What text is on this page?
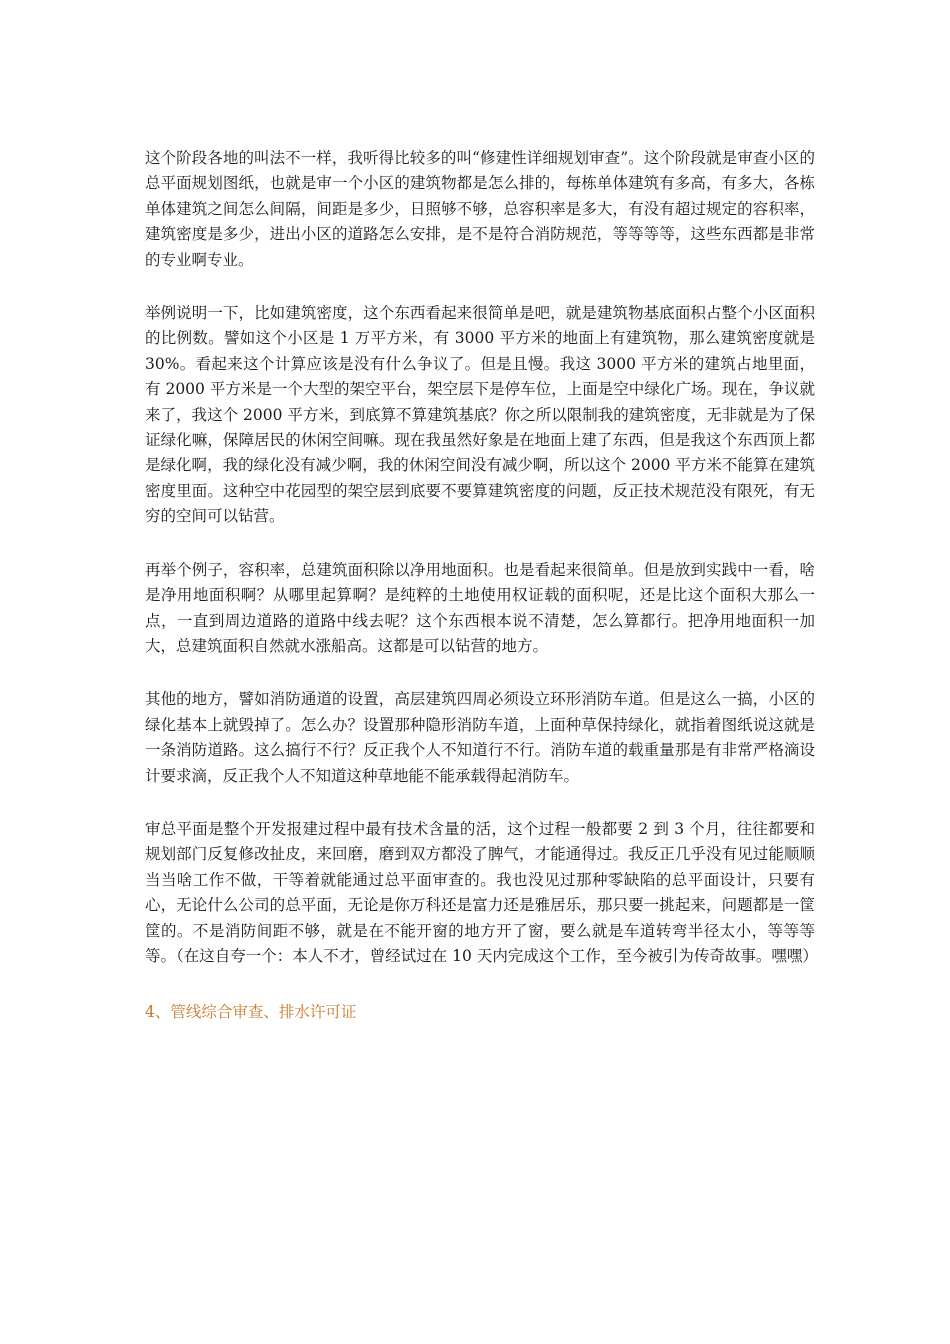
这个阶段各地的叫法不一样，我听得比较多的叫“修建性详细规划审查”。这个阶段就是审查小区的总平面规划图纸，也就是审一个小区的建筑物都是怎么排的，每栋单体建筑有多高，有多大，各栋单体建筑之间怎么间隔，间距是多少，日照够不够，总容积率是多大，有没有超过规定的容积率，建筑密度是多少，进出小区的道路怎么安排，是不是符合消防规范，等等等等，这些东西都是非常的专业啊专业。

举例说明一下，比如建筑密度，这个东西看起来很简单是吧，就是建筑物基底面积占整个小区面积的比例数。譬如这个小区是 1 万平方米，有 3000 平方米的地面上有建筑物，那么建筑密度就是 30%。看起来这个计算应该是没有什么争议了。但是且慢。我这 3000 平方米的建筑占地里面，有 2000 平方米是一个大型的架空平台，架空层下是停车位，上面是空中绿化广场。现在，争议就来了，我这个 2000 平方米，到底算不算建筑基底？你之所以限制我的建筑密度，无非就是为了保证绿化嘛，保障居民的休闲空间嘛。现在我虽然好象是在地面上建了东西，但是我这个东西顶上都是绿化啊，我的绿化没有减少啊，我的休闲空间没有减少啊，所以这个 2000 平方米不能算在建筑密度里面。这种空中花园型的架空层到底要不要算建筑密度的问题，反正技术规范没有限死，有无穷的空间可以钻营。

再举个例子，容积率，总建筑面积除以净用地面积。也是看起来很简单。但是放到实践中一看，啥是净用地面积啊？从哪里起算啊？是纯粹的土地使用权证载的面积呢，还是比这个面积大那么一点，一直到周边道路的道路中线去呢？这个东西根本说不清楚，怎么算都行。把净用地面积一加大，总建筑面积自然就水涨船高。这都是可以钻营的地方。

其他的地方，譬如消防通道的设置，高层建筑四周必须设立环形消防车道。但是这么一搞，小区的绿化基本上就毁掉了。怎么办？设置那种隐形消防车道，上面种草保持绿化，就指着图纸说这就是一条消防道路。这么搞行不行？反正我个人不知道行不行。消防车道的载重量那是有非常严格滴设计要求滴，反正我个人不知道这种草地能不能承载得起消防车。

审总平面是整个开发报建过程中最有技术含量的活，这个过程一般都要 2 到 3 个月，往往都要和规划部门反复修改扯皮，来回磨，磨到双方都没了脾气，才能通得过。我反正几乎没有见过能顺顺当当啥工作不做，干等着就能通过总平面审查的。我也没见过那种零缺陷的总平面设计，只要有心，无论什么公司的总平面，无论是你万科还是富力还是雅居乐，那只要一挑起来，问题都是一筐筐的。不是消防间距不够，就是在不能开窗的地方开了窗，要么就是车道转弯半径太小，等等等等。（在这自夸一个：本人不才，曾经试过在 10 天内完成这个工作，至今被引为传奇故事。嘿嘿）

4、管线综合审查、排水许可证
